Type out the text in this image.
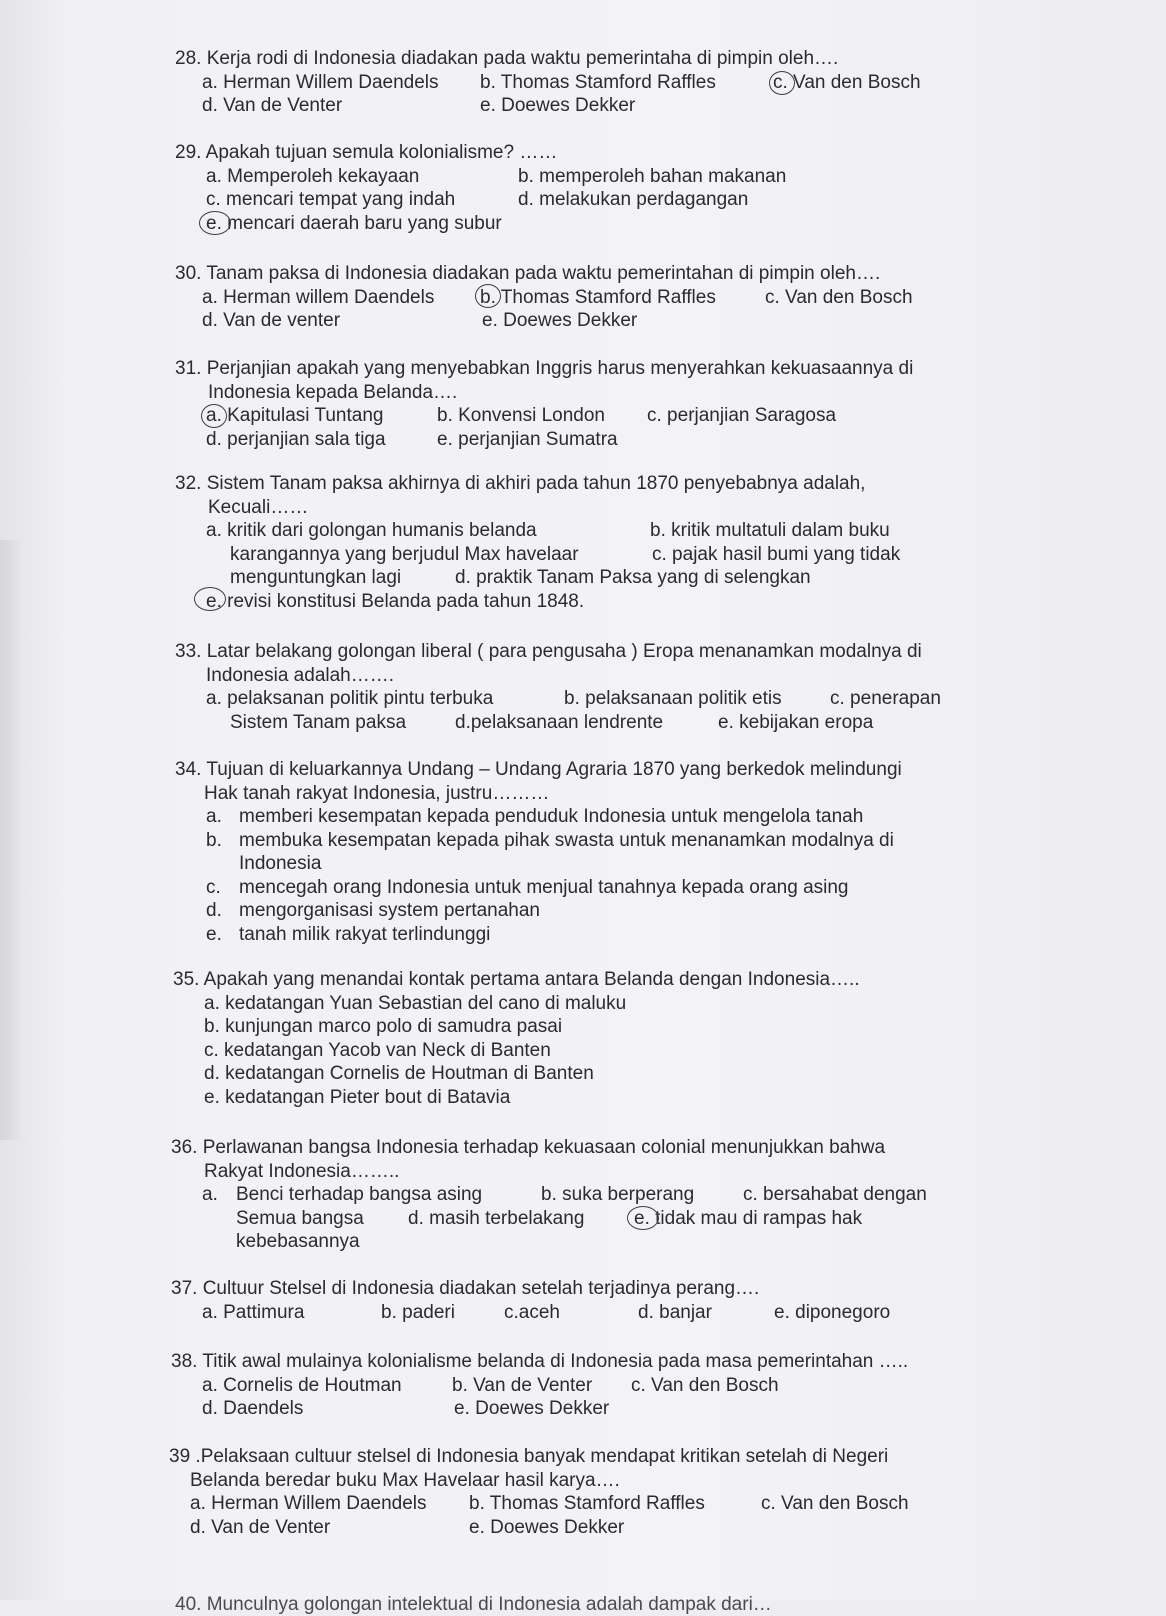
28. Kerja rodi di Indonesia diadakan pada waktu pemerintaha di pimpin oleh….
a. Herman Willem Daendels b. Thomas Stamford Raffles	c. Van den Bosch
d. Van de Venter	e. Doewes Dekker
29. Apakah tujuan semula kolonialisme? ……
a. Memperoleh kekayaan	b. memperoleh bahan makanan
c. mencari tempat yang indah	d. melakukan perdagangan
e. mencari daerah baru yang subur
30. Tanam paksa di Indonesia diadakan pada waktu pemerintahan di pimpin oleh….
a. Herman willem Daendels b. Thomas Stamford Raffles	c. Van den Bosch
d. Van de venter	e. Doewes Dekker
31. Perjanjian apakah yang menyebabkan Inggris harus menyerahkan kekuasaannya di
Indonesia kepada Belanda….
a. Kapitulasi Tuntang	b. Konvensi London c. perjanjian Saragosa
d. perjanjian sala tiga	e. perjanjian Sumatra
32. Sistem Tanam paksa akhirnya di akhiri pada tahun 1870 penyebabnya adalah,
Kecuali……
a. kritik dari golongan humanis belanda	b. kritik multatuli dalam buku
karangannya yang berjudul Max havelaar	c. pajak hasil bumi yang tidak
menguntungkan lagi	d. praktik Tanam Paksa yang di selengkan
e. revisi konstitusi Belanda pada tahun 1848.
33. Latar belakang golongan liberal ( para pengusaha ) Eropa menanamkan modalnya di
Indonesia adalah…….
a. pelaksanan politik pintu terbuka	b. pelaksanaan politik etis	c. penerapan
Sistem Tanam paksa	d.pelaksanaan lendrente	e. kebijakan eropa
34. Tujuan di keluarkannya Undang – Undang Agraria 1870 yang berkedok melindungi
Hak tanah rakyat Indonesia, justru………
a. memberi kesempatan kepada penduduk Indonesia untuk mengelola tanah
b. membuka kesempatan kepada pihak swasta untuk menanamkan modalnya di
Indonesia
c. mencegah orang Indonesia untuk menjual tanahnya kepada orang asing
d. mengorganisasi system pertanahan
e. tanah milik rakyat terlindunggi
35. Apakah yang menandai kontak pertama antara Belanda dengan Indonesia…..
a. kedatangan Yuan Sebastian del cano di maluku
b. kunjungan marco polo di samudra pasai
c. kedatangan Yacob van Neck di Banten
d. kedatangan Cornelis de Houtman di Banten
e. kedatangan Pieter bout di Batavia
36. Perlawanan bangsa Indonesia terhadap kekuasaan colonial menunjukkan bahwa
Rakyat Indonesia……..
a. Benci terhadap bangsa asing	b. suka berperang	c. bersahabat dengan
Semua bangsa d. masih terbelakang	e. tidak mau di rampas hak
kebebasannya
37. Cultuur Stelsel di Indonesia diadakan setelah terjadinya perang….
a. Pattimura	b. paderi	c.aceh	d. banjar	e. diponegoro
38. Titik awal mulainya kolonialisme belanda di Indonesia pada masa pemerintahan …..
a. Cornelis de Houtman	b. Van de Venter c. Van den Bosch
d. Daendels	e. Doewes Dekker
39 .Pelaksaan cultuur stelsel di Indonesia banyak mendapat kritikan setelah di Negeri
Belanda beredar buku Max Havelaar hasil karya….
a. Herman Willem Daendels b. Thomas Stamford Raffles	c. Van den Bosch
d. Van de Venter	e. Doewes Dekker
40. Munculnya golongan intelektual di Indonesia adalah dampak dari…
